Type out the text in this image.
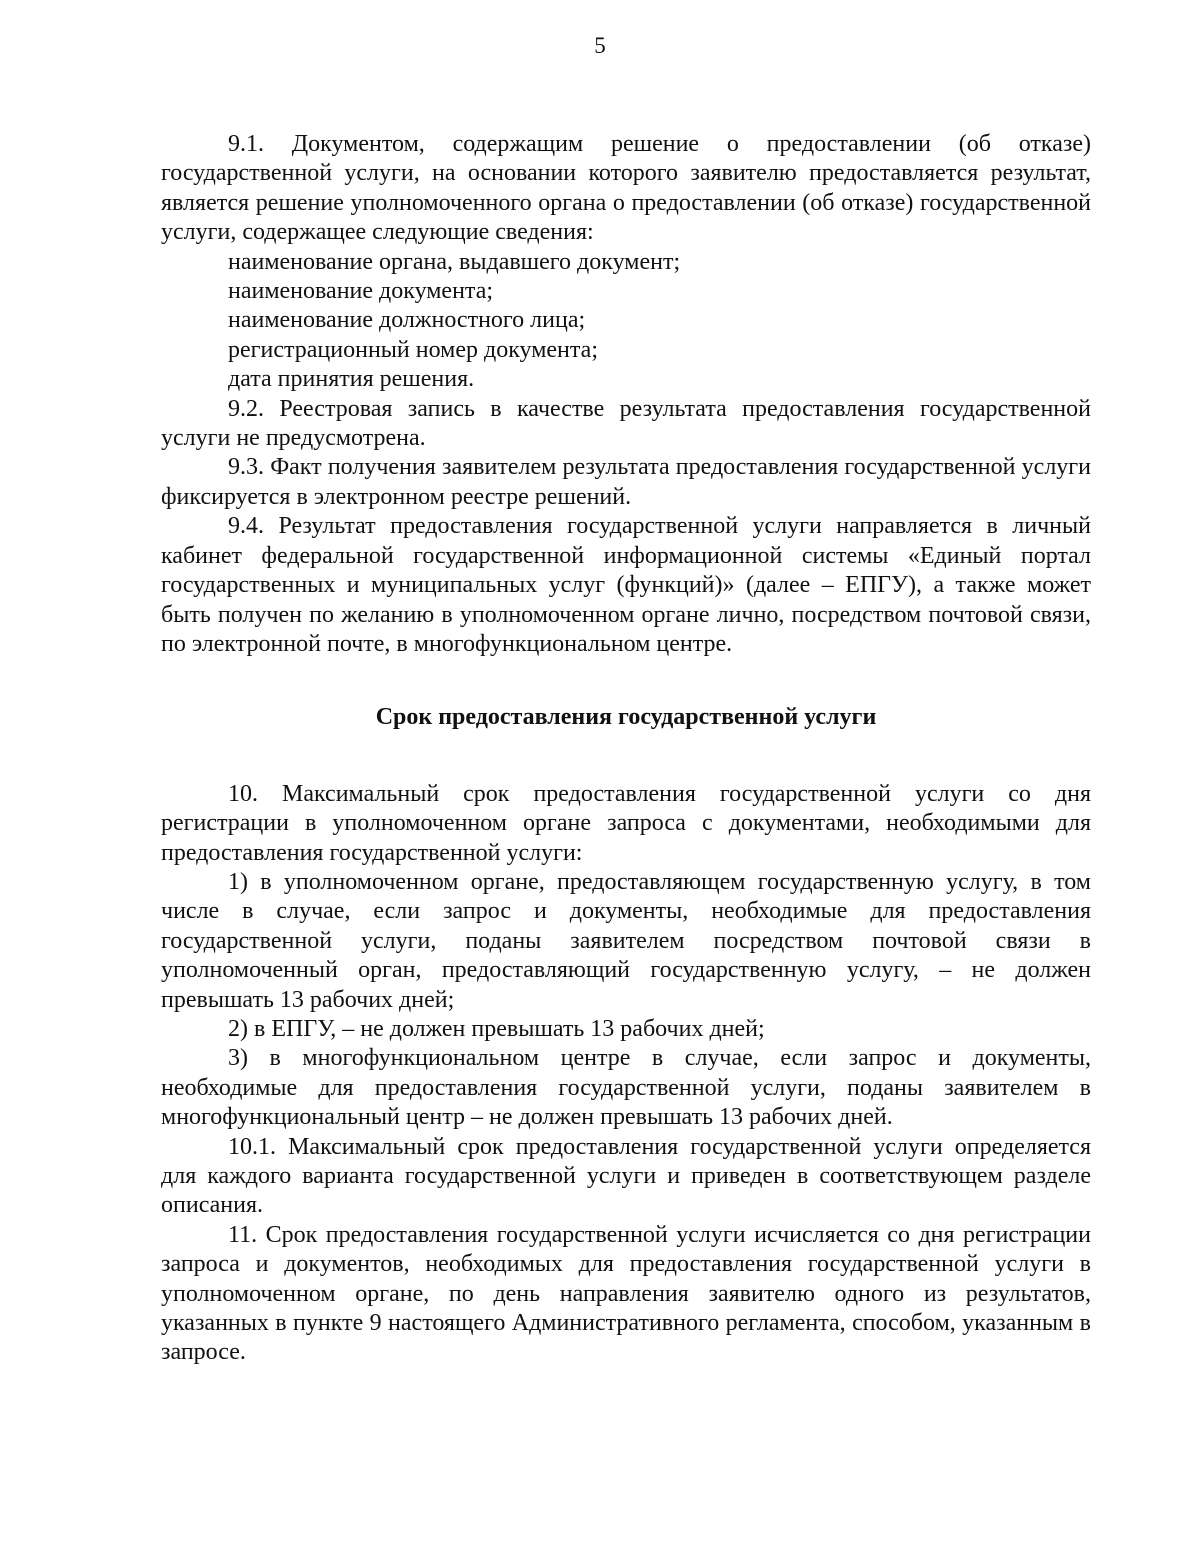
5

9.1. Документом, содержащим решение о предоставлении (об отказе) государственной услуги, на основании которого заявителю предоставляется результат, является решение уполномоченного органа о предоставлении (об отказе) государственной услуги, содержащее следующие сведения:

наименование органа, выдавшего документ;
наименование документа;
наименование должностного лица;
регистрационный номер документа;
дата принятия решения.

9.2. Реестровая запись в качестве результата предоставления государственной услуги не предусмотрена.

9.3. Факт получения заявителем результата предоставления государственной услуги фиксируется в электронном реестре решений.

9.4. Результат предоставления государственной услуги направляется в личный кабинет федеральной государственной информационной системы «Единый портал государственных и муниципальных услуг (функций)» (далее – ЕПГУ), а также может быть получен по желанию в уполномоченном органе лично, посредством почтовой связи, по электронной почте, в многофункциональном центре.

Срок предоставления государственной услуги

10. Максимальный срок предоставления государственной услуги со дня регистрации в уполномоченном органе запроса с документами, необходимыми для предоставления государственной услуги:

1) в уполномоченном органе, предоставляющем государственную услугу, в том числе в случае, если запрос и документы, необходимые для предоставления государственной услуги, поданы заявителем посредством почтовой связи в уполномоченный орган, предоставляющий государственную услугу, – не должен превышать 13 рабочих дней;

2) в ЕПГУ, – не должен превышать 13 рабочих дней;

3) в многофункциональном центре в случае, если запрос и документы, необходимые для предоставления государственной услуги, поданы заявителем в многофункциональный центр – не должен превышать 13 рабочих дней.

10.1. Максимальный срок предоставления государственной услуги определяется для каждого варианта государственной услуги и приведен в соответствующем разделе описания.

11. Срок предоставления государственной услуги исчисляется со дня регистрации запроса и документов, необходимых для предоставления государственной услуги в уполномоченном органе, по день направления заявителю одного из результатов, указанных в пункте 9 настоящего Административного регламента, способом, указанным в запросе.
